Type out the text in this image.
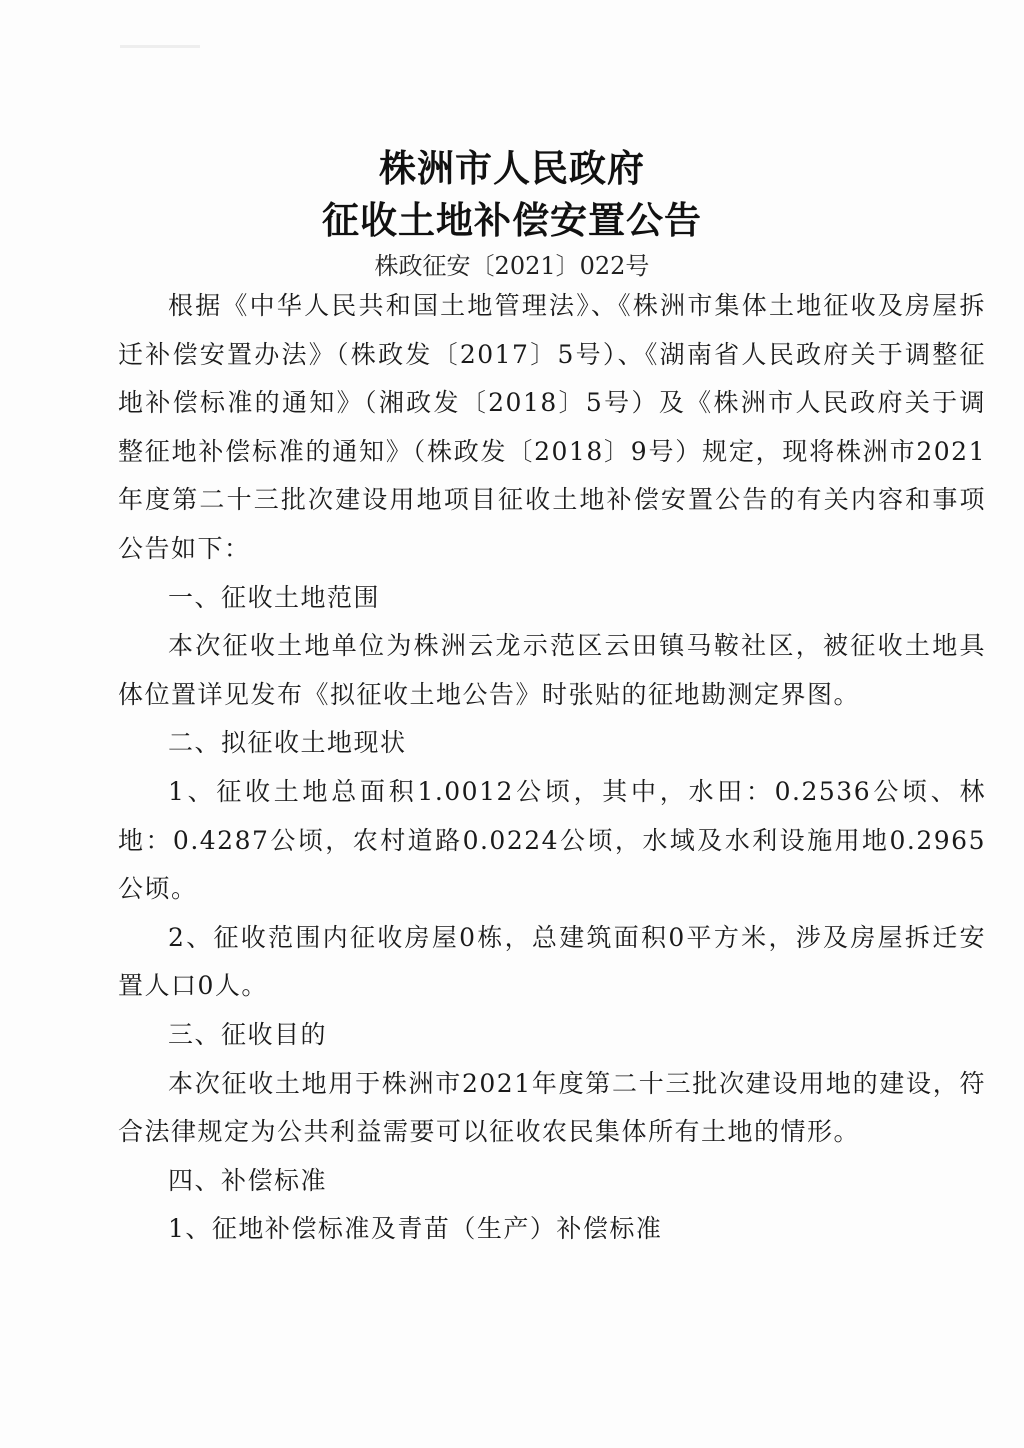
株洲市人民政府
征收土地补偿安置公告
株政征安〔2021〕022号

根据《中华人民共和国土地管理法》、《株洲市集体土地征收及房屋拆迁补偿安置办法》（株政发〔2017〕5号）、《湖南省人民政府关于调整征地补偿标准的通知》（湘政发〔2018〕5号）及《株洲市人民政府关于调整征地补偿标准的通知》（株政发〔2018〕9号）规定，现将株洲市2021年度第二十三批次建设用地项目征收土地补偿安置公告的有关内容和事项公告如下：

一、征收土地范围

本次征收土地单位为株洲云龙示范区云田镇马鞍社区，被征收土地具体位置详见发布《拟征收土地公告》时张贴的征地勘测定界图。

二、拟征收土地现状

1、征收土地总面积1.0012公顷，其中，水田：0.2536公顷、林地：0.4287公顷，农村道路0.0224公顷，水域及水利设施用地0.2965公顷。

2、征收范围内征收房屋0栋，总建筑面积0平方米，涉及房屋拆迁安置人口0人。

三、征收目的

本次征收土地用于株洲市2021年度第二十三批次建设用地的建设，符合法律规定为公共利益需要可以征收农民集体所有土地的情形。

四、补偿标准

1、征地补偿标准及青苗（生产）补偿标准
